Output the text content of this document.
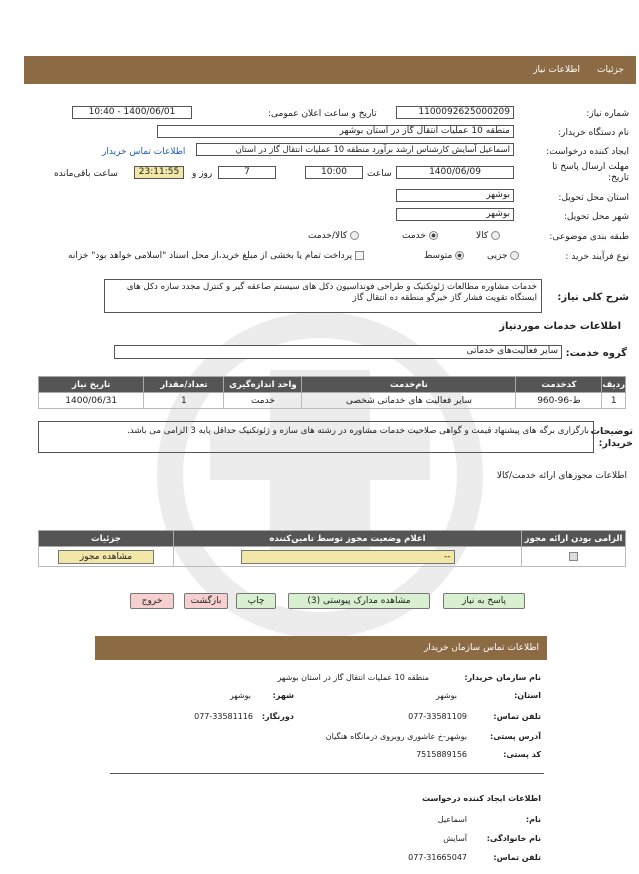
جزئیات
اطلاعات نیاز
شماره نیاز:
1100092625000209
تاریخ و ساعت اعلان عمومی:
1400/06/01 - 10:40
نام دستگاه خریدار:
منطقه 10 عملیات انتقال گاز در استان بوشهر
ایجاد کننده درخواست:
اسماعیل آسایش کارشناس ارشد برآورد منطقه 10 عملیات انتقال گاز در استان
اطلاعات تماس خریدار
مهلت ارسال پاسخ تا تاریخ:
1400/06/09
ساعت
10:00
7
روز و
23:11:55
ساعت باقی‌مانده
استان محل تحویل:
بوشهر
شهر محل تحویل:
بوشهر
طبقه بندی موضوعی:
کالا
خدمت
کالا/خدمت
نوع فرآیند خرید :
جزیی
متوسط
پرداخت تمام یا بخشی از مبلغ خرید،از محل اسناد "اسلامی خواهد بود" خزانه
شرح کلی نیاز:
خدمات مشاوره مطالعات ژئوتکنیک و طراحی فونداسیون دکل های سیستم صاعقه گیر و کنترل مجدد سازه دکل های ایستگاه تقویت فشار گاز خیرگو منطقه ده انتقال گاز
اطلاعات خدمات مورد‌نیاز
گروه خدمت:
سایر فعالیت‌های خدماتی
ردیف	کدخدمت	نام‌خدمت	واحد اندازه‌گیری	تعداد/مقدار	تاریخ نیاز
1	ط-96-960	سایر فعالیت های خدماتی شخصی	خدمت	1	1400/06/31
توضیحات خریدار:
بارگزاری برگه های پیشنهاد قیمت و گواهی صلاحیت خدمات مشاوره در رشته های سازه و ژئوتکنیک حداقل پایه 3 الزامی می باشد.
اطلاعات مجوزهای ارائه خدمت/کالا
الزامی بودن ارائه مجوز	اعلام وضعیت مجوز توسط تامین‌کننده	جزئیات

	--	مشاهده مجوز
پاسخ به نیاز
مشاهده مدارک پیوستی (3)
چاپ
بازگشت
خروج
اطلاعات تماس سازمان خریدار
نام سازمان خریدار:
منطقه 10 عملیات انتقال گاز در استان بوشهر
استان:
بوشهر
شهر:
بوشهر
تلفن تماس:
077-33581109
دورنگار:
077-33581116
آدرس پستی:
بوشهر-خ عاشوری روبروی درمانگاه هنگیان
کد پستی:
7515889156
اطلاعات ایجاد کننده درخواست
نام:
اسماعیل
نام خانوادگی:
آسایش
تلفن تماس:
077-31665047
